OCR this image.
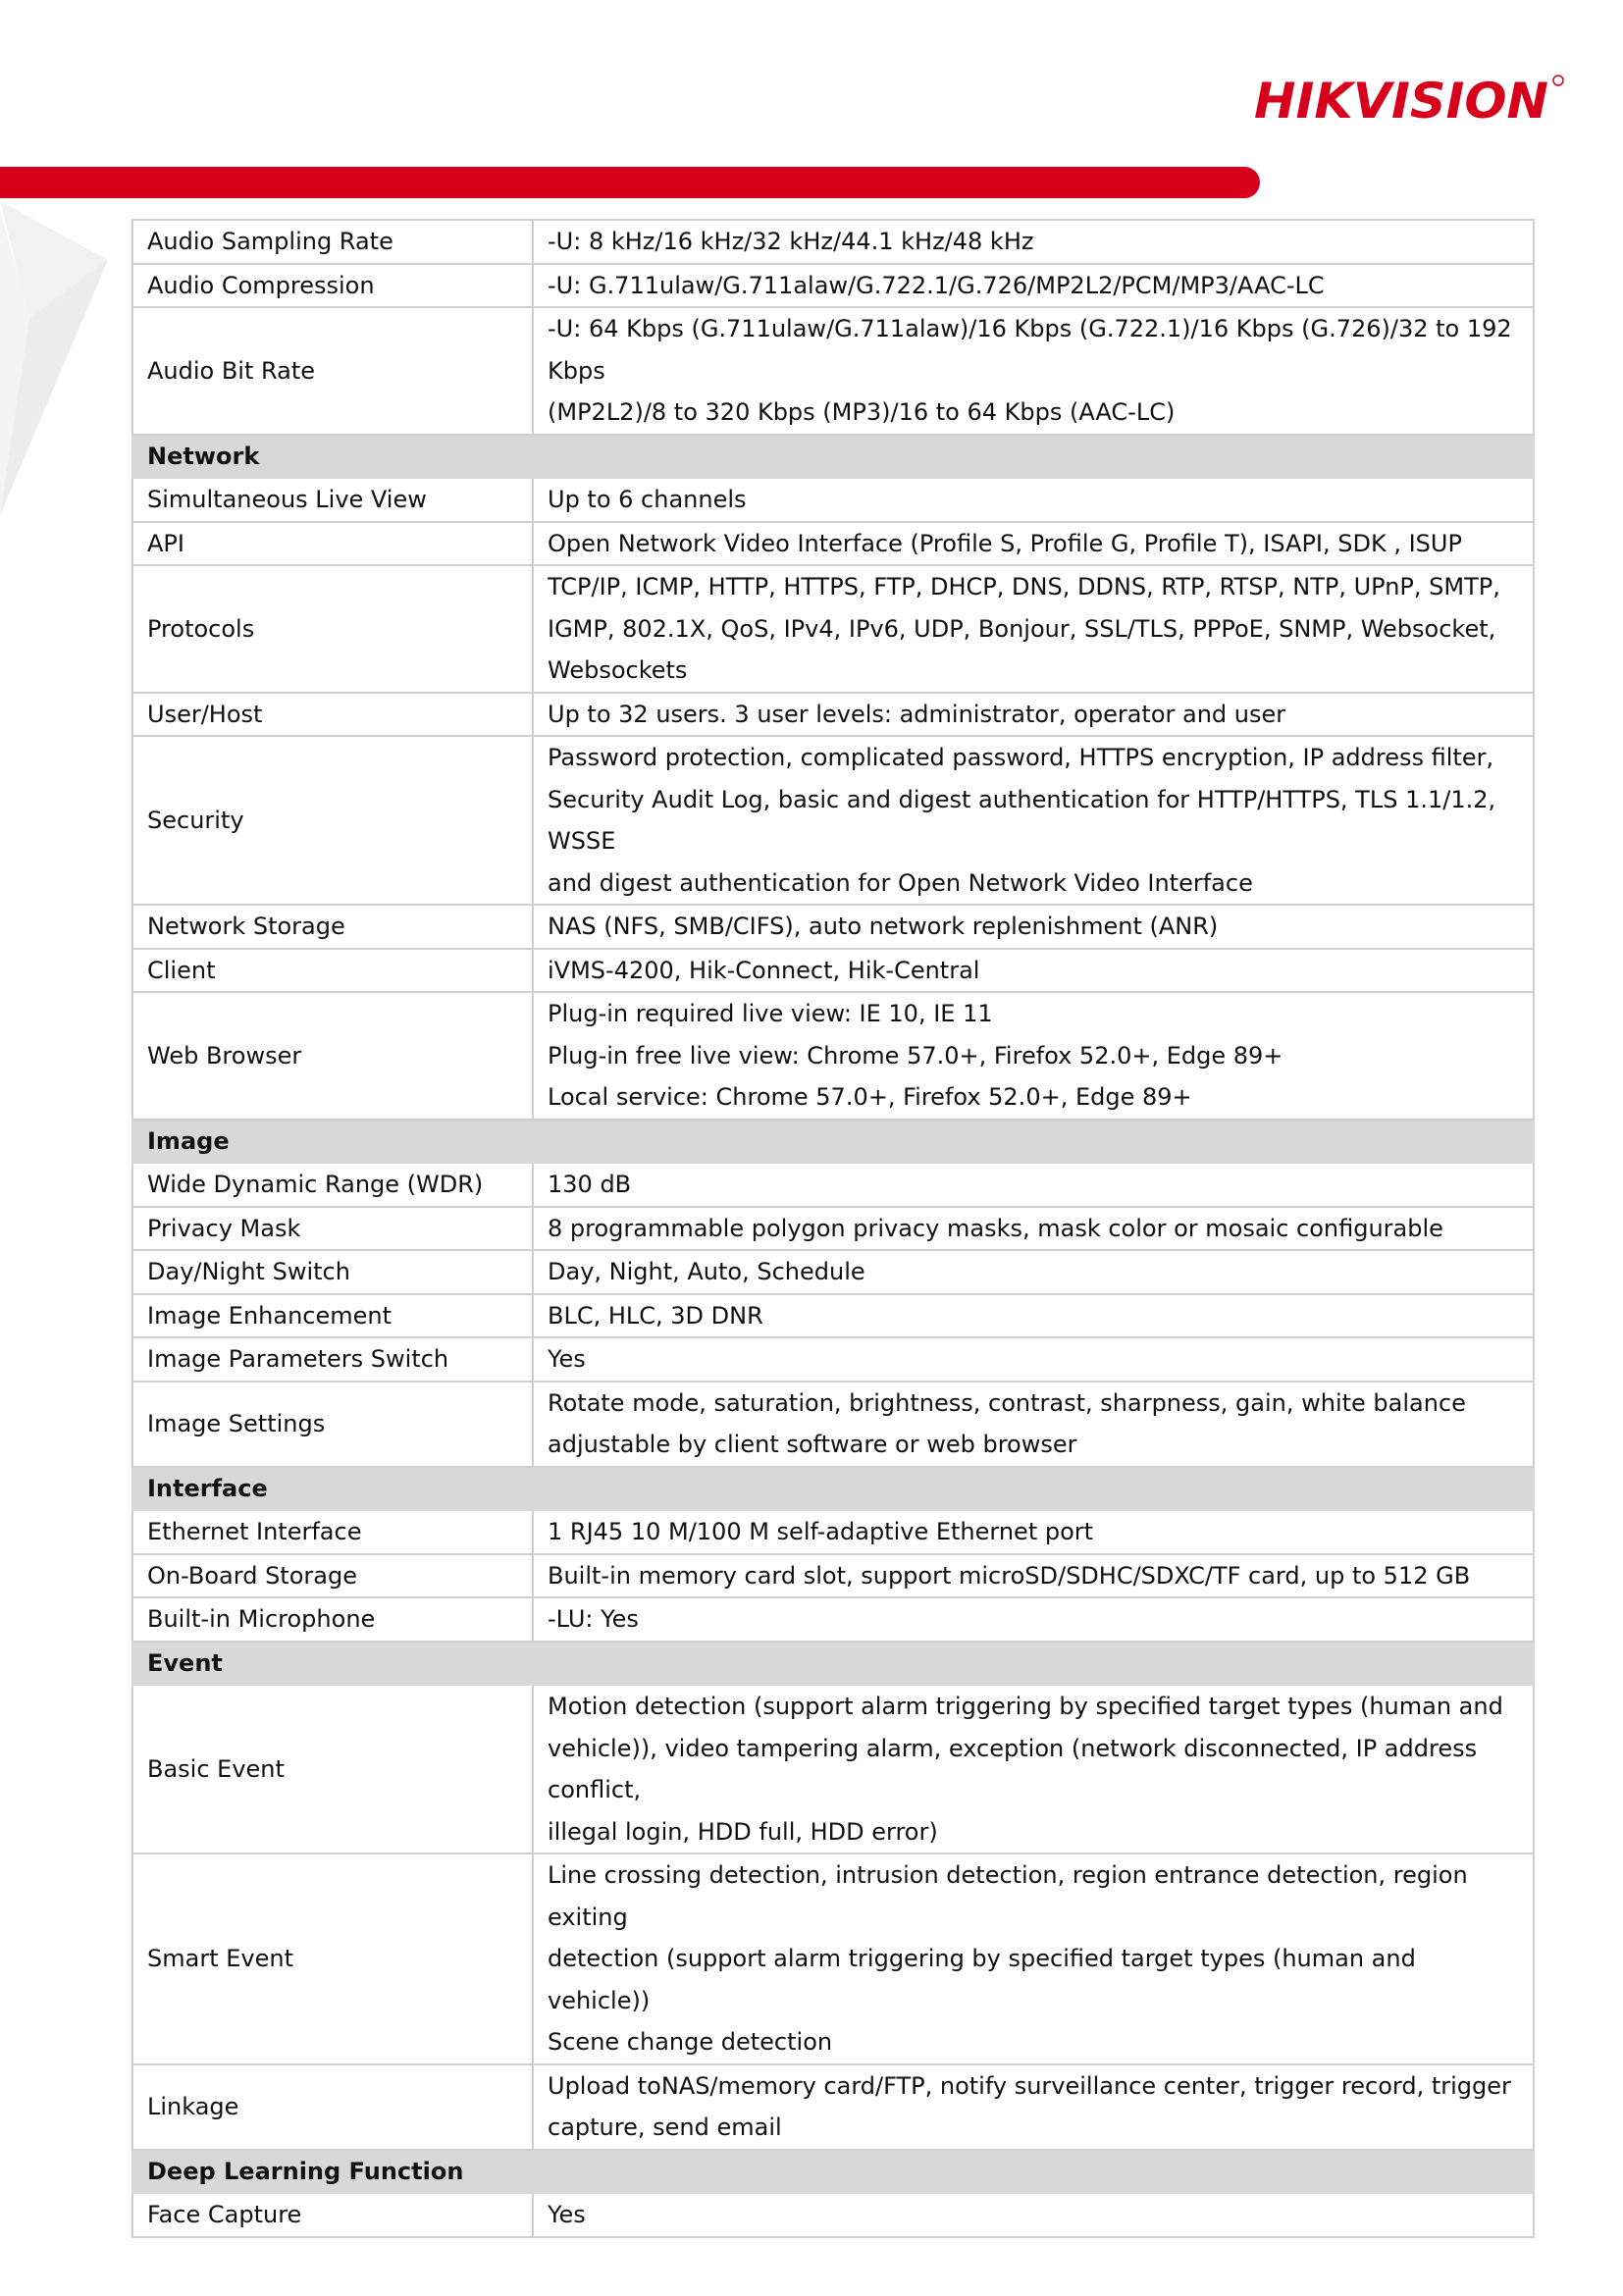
HIKVISION
Audio Sampling Rate	-U: 8 kHz/16 kHz/32 kHz/44.1 kHz/48 kHz

Audio Compression	-U: G.711ulaw/G.711alaw/G.722.1/G.726/MP2L2/PCM/MP3/AAC-LC

Audio Bit Rate	-U: 64 Kbps (G.711ulaw/G.711alaw)/16 Kbps (G.722.1)/16 Kbps (G.726)/32 to 192 Kbps
(MP2L2)/8 to 320 Kbps (MP3)/16 to 64 Kbps (AAC-LC)

Network	
Simultaneous Live View	Up to 6 channels

API	Open Network Video Interface (Profile S, Profile G, Profile T), ISAPI, SDK , ISUP

Protocols	TCP/IP, ICMP, HTTP, HTTPS, FTP, DHCP, DNS, DDNS, RTP, RTSP, NTP, UPnP, SMTP,
IGMP, 802.1X, QoS, IPv4, IPv6, UDP, Bonjour, SSL/TLS, PPPoE, SNMP, Websocket,
Websockets

User/Host	Up to 32 users. 3 user levels: administrator, operator and user

Security	Password protection, complicated password, HTTPS encryption, IP address filter,
Security Audit Log, basic and digest authentication for HTTP/HTTPS, TLS 1.1/1.2, WSSE
and digest authentication for Open Network Video Interface

Network Storage	NAS (NFS, SMB/CIFS), auto network replenishment (ANR)

Client	iVMS-4200, Hik-Connect, Hik-Central

Web Browser	Plug-in required live view: IE 10, IE 11
Plug-in free live view: Chrome 57.0+, Firefox 52.0+, Edge 89+
Local service: Chrome 57.0+, Firefox 52.0+, Edge 89+

Image	
Wide Dynamic Range (WDR)	130 dB

Privacy Mask	8 programmable polygon privacy masks, mask color or mosaic configurable

Day/Night Switch	Day, Night, Auto, Schedule

Image Enhancement	BLC, HLC, 3D DNR

Image Parameters Switch	Yes

Image Settings	Rotate mode, saturation, brightness, contrast, sharpness, gain, white balance
adjustable by client software or web browser

Interface	
Ethernet Interface	1 RJ45 10 M/100 M self-adaptive Ethernet port

On-Board Storage	Built-in memory card slot, support microSD/SDHC/SDXC/TF card, up to 512 GB

Built-in Microphone	-LU: Yes

Event	
Basic Event	Motion detection (support alarm triggering by specified target types (human and
vehicle)), video tampering alarm, exception (network disconnected, IP address conflict,
illegal login, HDD full, HDD error)

Smart Event	Line crossing detection, intrusion detection, region entrance detection, region exiting
detection (support alarm triggering by specified target types (human and vehicle))
Scene change detection

Linkage	Upload toNAS/memory card/FTP, notify surveillance center, trigger record, trigger
capture, send email

Deep Learning Function	
Face Capture	Yes
